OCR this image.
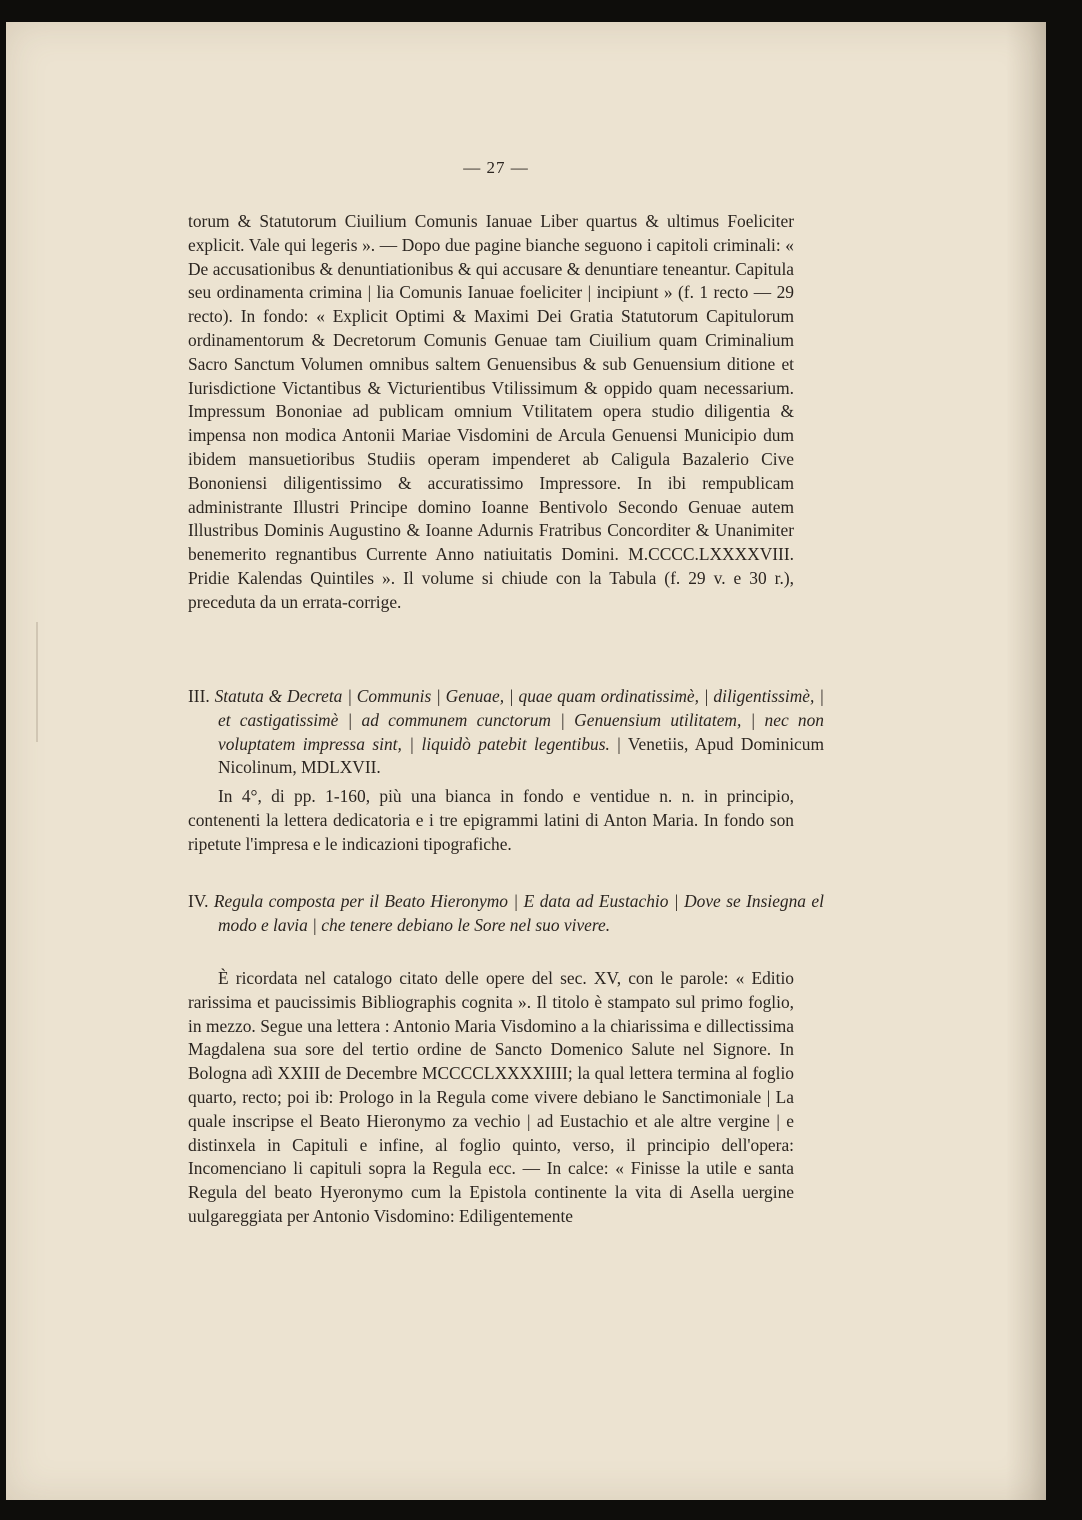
— 27 —

torum & Statutorum Ciuilium Comunis Ianuae Liber quartus & ultimus Foeliciter explicit. Vale qui legeris ». — Dopo due pagine bianche seguono i capitoli criminali: « De accusationibus & denuntiationibus & qui accusare & denuntiare teneantur. Capitula seu ordinamenta crimina | lia Comunis Ianuae foeliciter | incipiunt » (f. 1 recto — 29 recto). In fondo: « Explicit Optimi & Maximi Dei Gratia Statutorum Capitulorum ordinamentorum & Decretorum Comunis Genuae tam Ciuilium quam Criminalium Sacro Sanctum Volumen omnibus saltem Genuensibus & sub Genuensium ditione et Iurisdictione Victantibus & Victurientibus Vtilissimum & oppido quam necessarium. Impressum Bononiae ad publicam omnium Vtilitatem opera studio diligentia & impensa non modica Antonii Mariae Visdomini de Arcula Genuensi Municipio dum ibidem mansuetioribus Studiis operam impenderet ab Caligula Bazalerio Cive Bononiensi diligentissimo & accuratissimo Impressore. In ibi rempublicam administrante Illustri Principe domino Ioanne Bentivolo Secondo Genuae autem Illustribus Dominis Augustino & Ioanne Adurnis Fratribus Concorditer & Unanimiter benemerito regnantibus Currente Anno natiuitatis Domini. M.CCCC.LXXXXVIII. Pridie Kalendas Quintiles ». Il volume si chiude con la Tabula (f. 29 v. e 30 r.), preceduta da un errata-corrige.

III. Statuta & Decreta | Communis | Genuae, | quae quam ordinatissimè, | diligentissimè, | et castigatissimè | ad communem cunctorum | Genuensium utilitatem, | nec non voluptatem impressa sint, | liquidò patebit legentibus. | Venetiis, Apud Dominicum Nicolinum, MDLXVII.

In 4°, di pp. 1-160, più una bianca in fondo e ventidue n. n. in principio, contenenti la lettera dedicatoria e i tre epigrammi latini di Anton Maria. In fondo son ripetute l'impresa e le indicazioni tipografiche.

IV. Regula composta per il Beato Hieronymo | E data ad Eustachio | Dove se Insiegna el modo e lavia | che tenere debiano le Sore nel suo vivere.

È ricordata nel catalogo citato delle opere del sec. XV, con le parole: « Editio rarissima et paucissimis Bibliographis cognita ». Il titolo è stampato sul primo foglio, in mezzo. Segue una lettera : Antonio Maria Visdomino a la chiarissima e dillectissima Magdalena sua sore del tertio ordine de Sancto Domenico Salute nel Signore. In Bologna adì XXIII de Decembre MCCCCLXXXXIIII; la qual lettera termina al foglio quarto, recto; poi ib: Prologo in la Regula come vivere debiano le Sanctimoniale | La quale inscripse el Beato Hieronymo za vechio | ad Eustachio et ale altre vergine | e distinxela in Capituli e infine, al foglio quinto, verso, il principio dell'opera: Incomenciano li capituli sopra la Regula ecc. — In calce: « Finisse la utile e santa Regula del beato Hyeronymo cum la Epistola continente la vita di Asella uergine uulgareggiata per Antonio Visdomino: Ediligentemente
